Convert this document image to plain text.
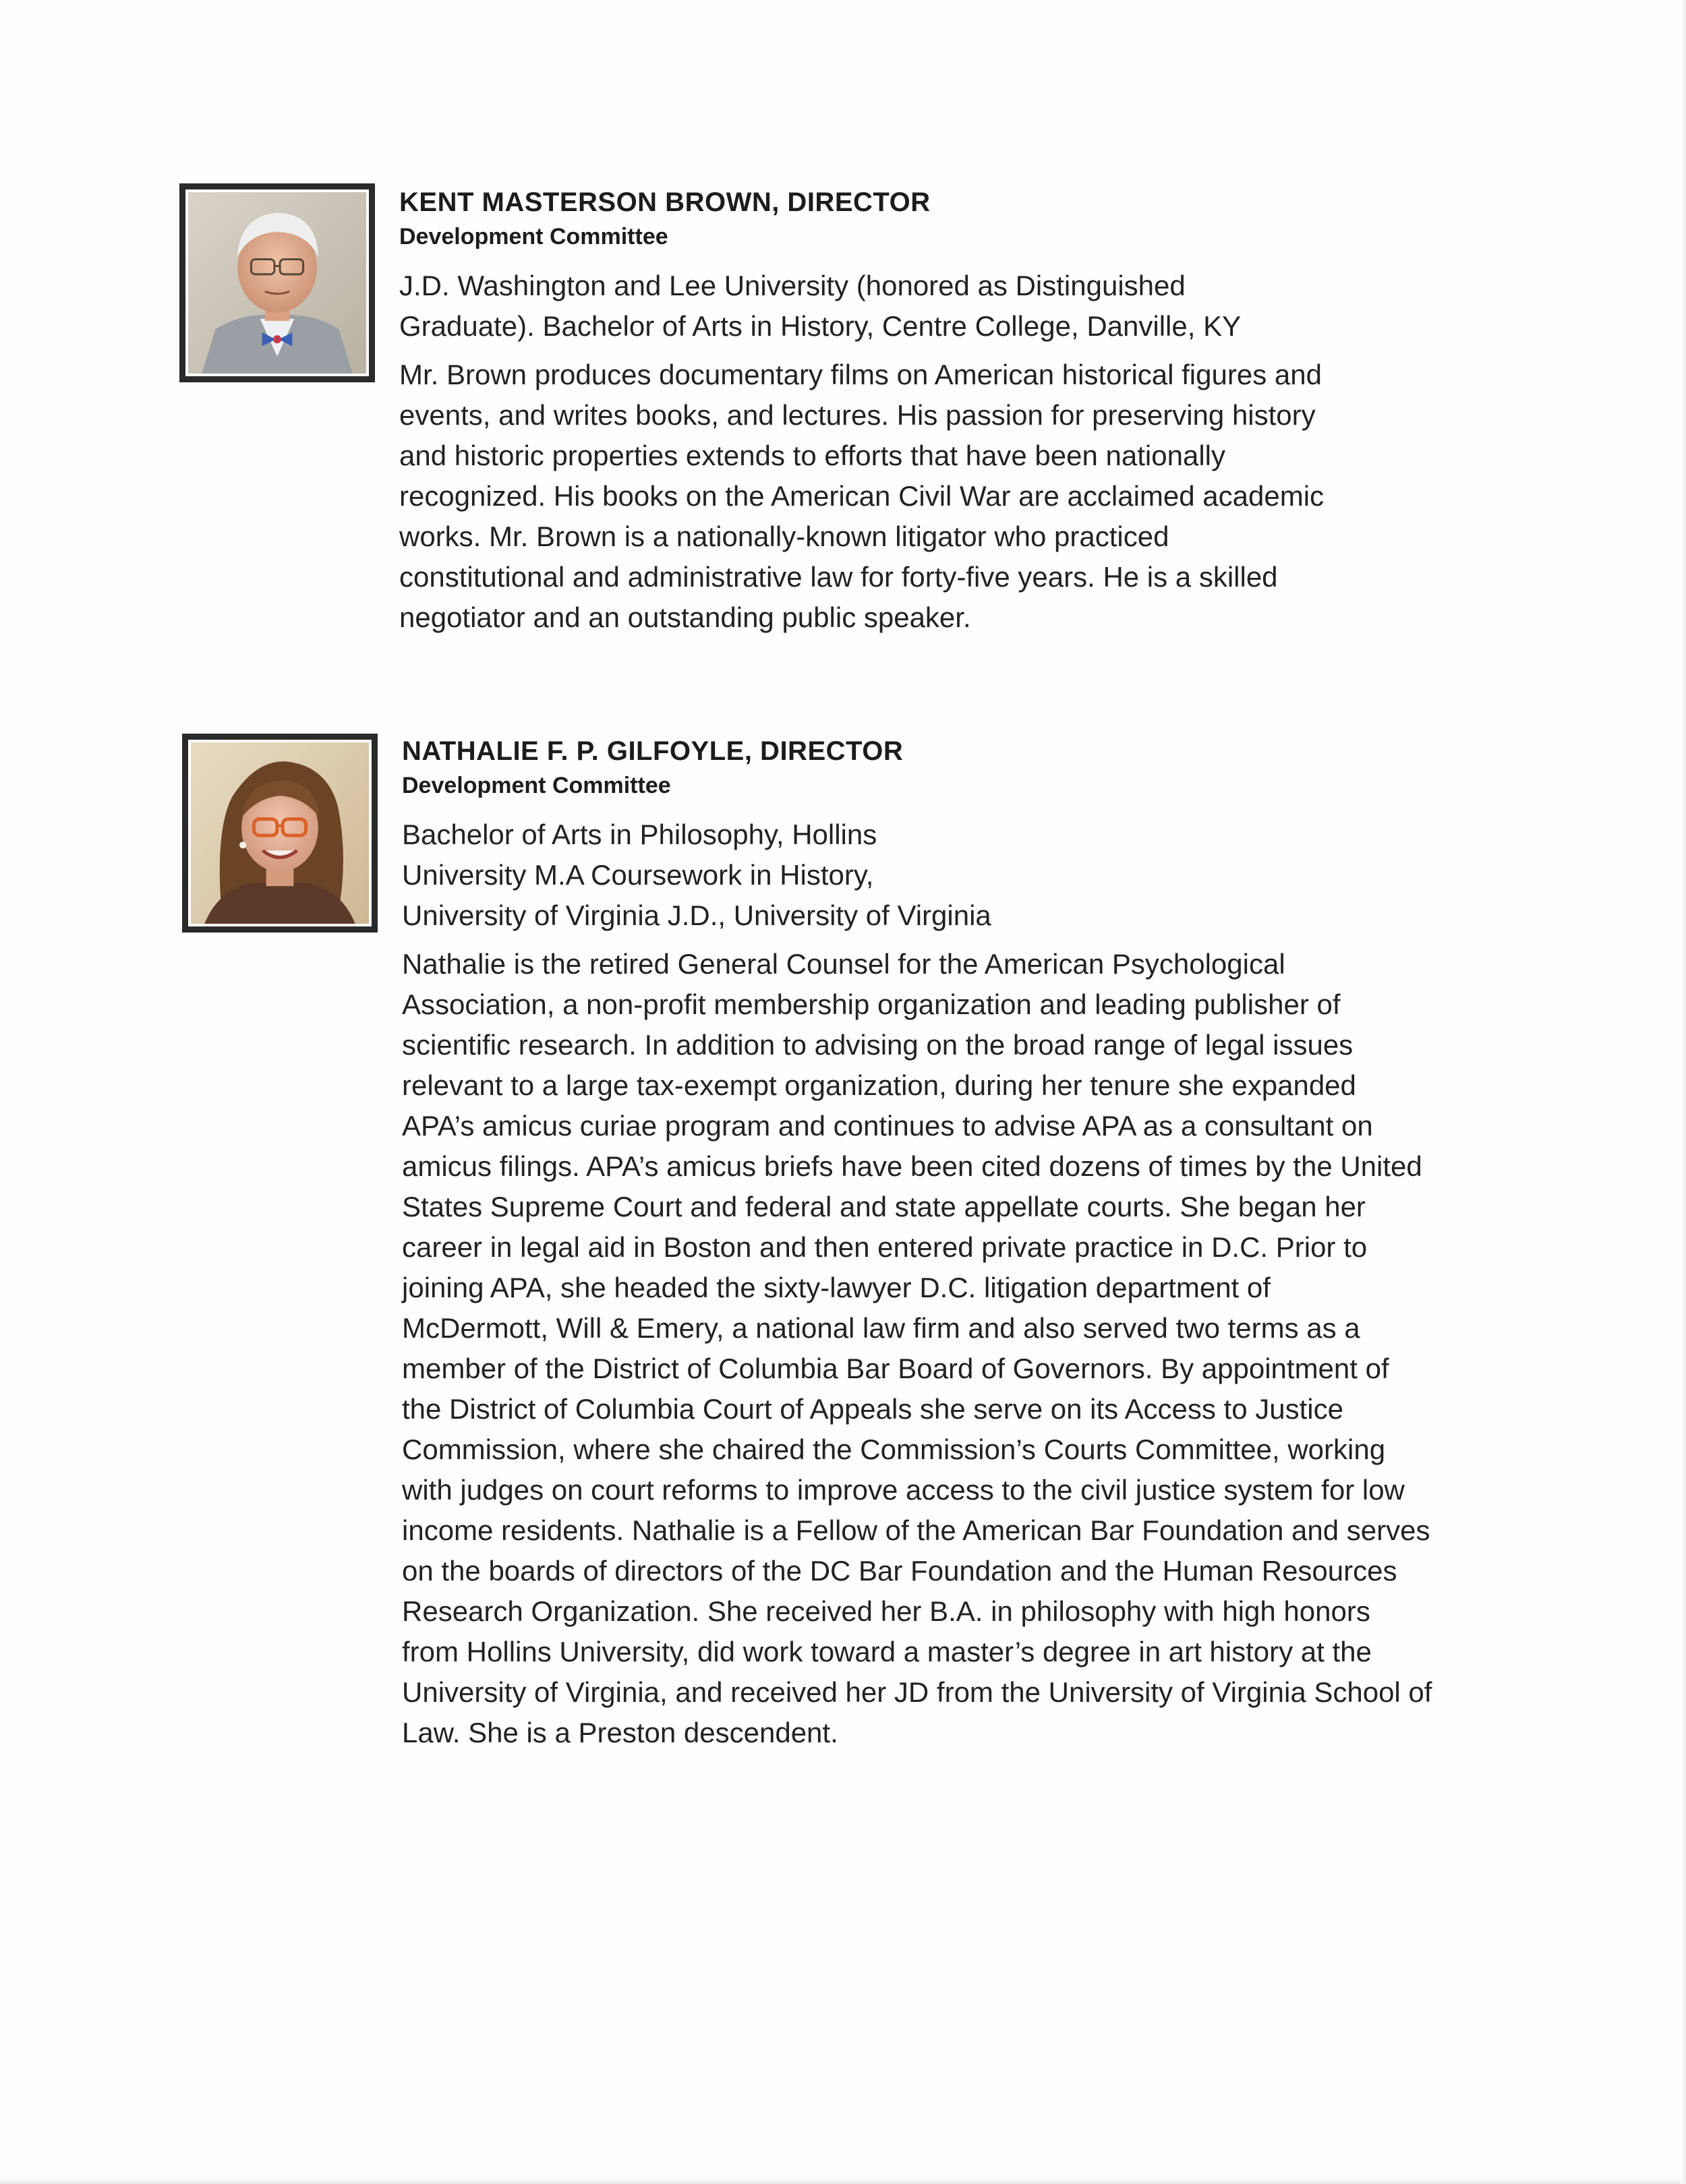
KENT MASTERSON BROWN, DIRECTOR

Development Committee

J.D. Washington and Lee University (honored as Distinguished
Graduate). Bachelor of Arts in History, Centre College, Danville, KY

Mr. Brown produces documentary films on American historical figures and
events, and writes books, and lectures. His passion for preserving history
and historic properties extends to efforts that have been nationally
recognized. His books on the American Civil War are acclaimed academic
works. Mr. Brown is a nationally-known litigator who practiced
constitutional and administrative law for forty-five years. He is a skilled
negotiator and an outstanding public speaker.

NATHALIE F. P. GILFOYLE, DIRECTOR

Development Committee

Bachelor of Arts in Philosophy, Hollins
University M.A Coursework in History,
University of Virginia J.D., University of Virginia

Nathalie is the retired General Counsel for the American Psychological
Association, a non-profit membership organization and leading publisher of
scientific research. In addition to advising on the broad range of legal issues
relevant to a large tax-exempt organization, during her tenure she expanded
APA’s amicus curiae program and continues to advise APA as a consultant on
amicus filings. APA’s amicus briefs have been cited dozens of times by the United
States Supreme Court and federal and state appellate courts. She began her
career in legal aid in Boston and then entered private practice in D.C. Prior to
joining APA, she headed the sixty-lawyer D.C. litigation department of
McDermott, Will & Emery, a national law firm and also served two terms as a
member of the District of Columbia Bar Board of Governors. By appointment of
the District of Columbia Court of Appeals she serve on its Access to Justice
Commission, where she chaired the Commission’s Courts Committee, working
with judges on court reforms to improve access to the civil justice system for low
income residents. Nathalie is a Fellow of the American Bar Foundation and serves
on the boards of directors of the DC Bar Foundation and the Human Resources
Research Organization. She received her B.A. in philosophy with high honors
from Hollins University, did work toward a master’s degree in art history at the
University of Virginia, and received her JD from the University of Virginia School of
Law. She is a Preston descendent.
